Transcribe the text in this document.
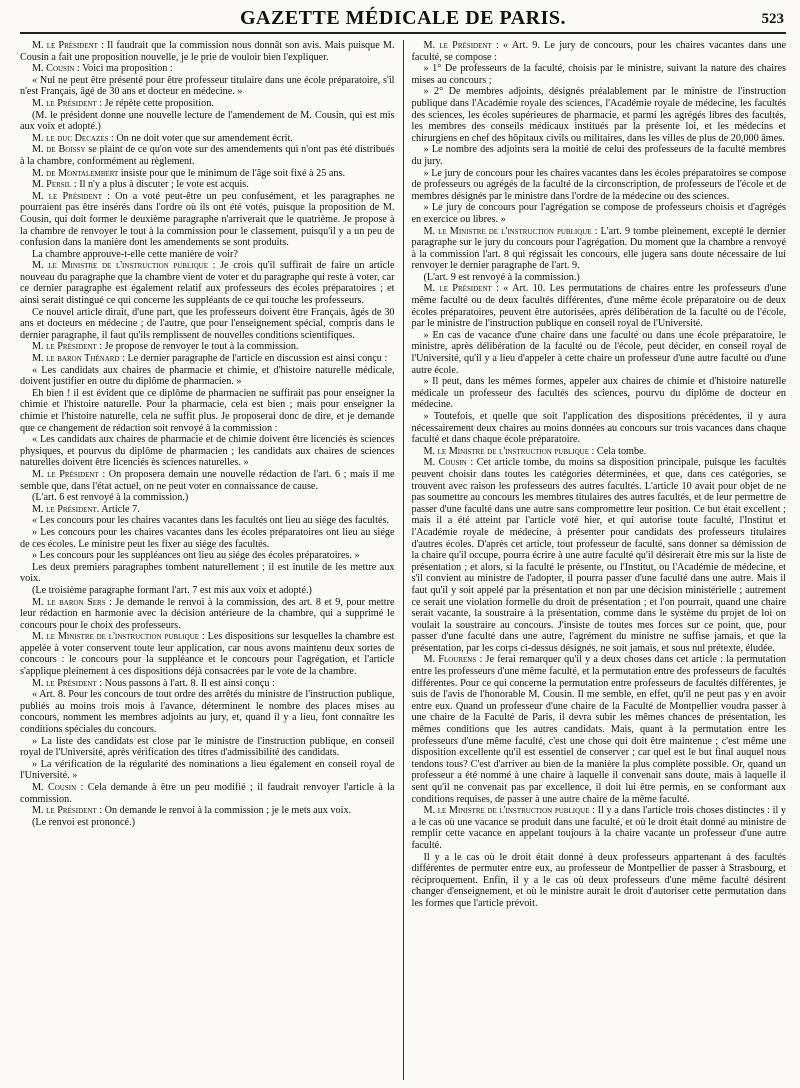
GAZETTE MÉDICALE DE PARIS.	523

M. le Président : Il faudrait que la commission nous donnât son avis. Mais puisque M. Cousin a fait une proposition nouvelle, je le prie de vouloir bien l'expliquer.

M. Cousin : Voici ma proposition :

« Nul ne peut être présenté pour être professeur titulaire dans une école préparatoire, s'il n'est Français, âgé de 30 ans et docteur en médecine. »

M. le Président : Je répète cette proposition.

(M. le président donne une nouvelle lecture de l'amendement de M. Cousin, qui est mis aux voix et adopté.)

M. le duc Decazes : On ne doit voter que sur amendement écrit.

M. de Boissy se plaint de ce qu'on vote sur des amendements qui n'ont pas été distribués à la chambre, conformément au règlement.

M. de Montalembert insiste pour que le minimum de l'âge soit fixé à 25 ans.

M. Persil : Il n'y a plus à discuter ; le vote est acquis.

M. le Président : On a voté peut-être un peu confusément, et les paragraphes ne pourraient pas être insérés dans l'ordre où ils ont été votés, puisque la proposition de M. Cousin, qui doit former le deuxième paragraphe n'arriverait que le quatrième. Je propose à la chambre de renvoyer le tout à la commission pour le classement, puisqu'il y a un peu de confusion dans la manière dont les amendements se sont produits.

La chambre approuve-t-elle cette manière de voir?

M. le Ministre de l'instruction publique : Je crois qu'il suffirait de faire un article nouveau du paragraphe que la chambre vient de voter et du paragraphe qui reste à voter, car ce dernier paragraphe est également relatif aux professeurs des écoles préparatoires ; et ainsi serait distingué ce qui concerne les suppléants de ce qui touche les professeurs.

Ce nouvel article dirait, d'une part, que les professeurs doivent être Français, âgés de 30 ans et docteurs en médecine ; de l'autre, que pour l'enseignement spécial, compris dans le dernier paragraphe, il faut qu'ils remplissent de nouvelles conditions scientifiques.

M. le Président : Je propose de renvoyer le tout à la commission.

M. le baron Thénard : Le dernier paragraphe de l'article en discussion est ainsi conçu :

« Les candidats aux chaires de pharmacie et chimie, et d'histoire naturelle médicale, doivent justifier en outre du diplôme de pharmacien. »

Eh bien ! il est évident que ce diplôme de pharmacien ne suffirait pas pour enseigner la chimie et l'histoire naturelle. Pour la pharmacie, cela est bien ; mais pour enseigner la chimie et l'histoire naturelle, cela ne suffit plus. Je proposerai donc de dire, et je demande que ce changement de rédaction soit renvoyé à la commission :

« Les candidats aux chaires de pharmacie et de chimie doivent être licenciés ès sciences physiques, et pourvus du diplôme de pharmacien ; les candidats aux chaires de sciences naturelles doivent être licenciés ès sciences naturelles. »

M. le Président : On proposera demain une nouvelle rédaction de l'art. 6 ; mais il me semble que, dans l'état actuel, on ne peut voter en connaissance de cause.

(L'art. 6 est renvoyé à la commission.)

M. le Président. Article 7.

« Les concours pour les chaires vacantes dans les facultés ont lieu au siége des facultés.

» Les concours pour les chaires vacantes dans les écoles préparatoires ont lieu au siége de ces écoles. Le ministre peut les fixer au siége des facultés.

» Les concours pour les suppléances ont lieu au siége des écoles préparatoires. »

Les deux premiers paragraphes tombent naturellement ; il est inutile de les mettre aux voix.

(Le troisième paragraphe formant l'art. 7 est mis aux voix et adopté.)

M. le baron Sers : Je demande le renvoi à la commission, des art. 8 et 9, pour mettre leur rédaction en harmonie avec la décision antérieure de la chambre, qui a supprimé le concours pour le choix des professeurs.

M. le Ministre de l'instruction publique : Les dispositions sur lesquelles la chambre est appelée à voter conservent toute leur application, car nous avons maintenu deux sortes de concours : le concours pour la suppléance et le concours pour l'agrégation, et l'article s'applique pleinement à ces dispositions déjà consacrées par le vote de la chambre.

M. le Président : Nous passons à l'art. 8. Il est ainsi conçu :

« Art. 8. Pour les concours de tout ordre des arrêtés du ministre de l'instruction publique, publiés au moins trois mois à l'avance, déterminent le nombre des places mises au concours, nomment les membres adjoints au jury, et, quand il y a lieu, font connaître les conditions spéciales du concours.

» La liste des candidats est close par le ministre de l'instruction publique, en conseil royal de l'Université, après vérification des titres d'admissibilité des candidats.

» La vérification de la régularité des nominations a lieu également en conseil royal de l'Université. »

M. Cousin : Cela demande à être un peu modifié ; il faudrait renvoyer l'article à la commission.

M. le Président : On demande le renvoi à la commission ; je le mets aux voix.

(Le renvoi est prononcé.)

M. le Président : « Art. 9. Le jury de concours, pour les chaires vacantes dans une faculté, se compose :

» 1° De professeurs de la faculté, choisis par le ministre, suivant la nature des chaires mises au concours ;

» 2° De membres adjoints, désignés préalablement par le ministre de l'instruction publique dans l'Académie royale des sciences, l'Académie royale de médecine, les facultés des sciences, les écoles supérieures de pharmacie, et parmi les agrégés libres des facultés, les membres des conseils médicaux institués par la présente loi, et les médecins et chirurgiens en chef des hôpitaux civils ou militaires, dans les villes de plus de 20,000 âmes.

» Le nombre des adjoints sera la moitié de celui des professeurs de la faculté membres du jury.

» Le jury de concours pour les chaires vacantes dans les écoles préparatoires se compose de professeurs ou agrégés de la faculté de la circonscription, de professeurs de l'école et de membres désignés par le ministre dans l'ordre de la médecine ou des sciences.

» Le jury de concours pour l'agrégation se compose de professeurs choisis et d'agrégés en exercice ou libres. »

M. le Ministre de l'instruction publique : L'art. 9 tombe pleinement, excepté le dernier paragraphe sur le jury du concours pour l'agrégation. Du moment que la chambre a renvoyé à la commission l'art. 8 qui régissait les concours, elle jugera sans doute nécessaire de lui renvoyer le dernier paragraphe de l'art. 9.

(L'art. 9 est renvoyé à la commission.)

M. le Président : « Art. 10. Les permutations de chaires entre les professeurs d'une même faculté ou de deux facultés différentes, d'une même école préparatoire ou de deux écoles préparatoires, peuvent être autorisées, après délibération de la faculté ou de l'école, par le ministre de l'instruction publique en conseil royal de l'Université.

» En cas de vacance d'une chaire dans une faculté ou dans une école préparatoire, le ministre, après délibération de la faculté ou de l'école, peut décider, en conseil royal de l'Université, qu'il y a lieu d'appeler à cette chaire un professeur d'une autre faculté ou d'une autre école.

» Il peut, dans les mêmes formes, appeler aux chaires de chimie et d'histoire naturelle médicale un professeur des facultés des sciences, pourvu du diplôme de docteur en médecine.

» Toutefois, et quelle que soit l'application des dispositions précédentes, il y aura nécessairement deux chaires au moins données au concours sur trois vacances dans chaque faculté et dans chaque école préparatoire.

M. le Ministre de l'instruction publique : Cela tombe.

M. Cousin : Cet article tombe, du moins sa disposition principale, puisque les facultés peuvent choisir dans toutes les catégories déterminées, et que, dans ces catégories, se trouvent avec raison les professeurs des autres facultés. L'article 10 avait pour objet de ne pas soumettre au concours les membres titulaires des autres facultés, et de leur permettre de passer d'une faculté dans une autre sans compromettre leur position. Ce but était excellent ; mais il a été atteint par l'article voté hier, et qui autorise toute faculté, l'Institut et l'Académie royale de médecine, à présenter pour candidats des professeurs titulaires d'autres écoles. D'après cet article, tout professeur de faculté, sans donner sa démission de la chaire qu'il occupe, pourra écrire à une autre faculté qu'il désirerait être mis sur la liste de présentation ; et alors, si la faculté le présente, ou l'Institut, ou l'Académie de médecine, et s'il convient au ministre de l'adopter, il pourra passer d'une faculté dans une autre. Mais il faut qu'il y soit appelé par la présentation et non par une décision ministérielle ; autrement ce serait une violation formelle du droit de présentation ; et l'on pourrait, quand une chaire serait vacante, la soustraire à la présentation, comme dans le système du projet de loi on voulait la soustraire au concours. J'insiste de toutes mes forces sur ce point, que, pour passer d'une faculté dans une autre, l'agrément du ministre ne suffise jamais, et que la présentation, par les corps ci-dessus désignés, ne soit jamais, et sous nul prétexte, éludée.

M. Flourens : Je ferai remarquer qu'il y a deux choses dans cet article : la permutation entre les professeurs d'une même faculté, et la permutation entre des professeurs de facultés différentes. Pour ce qui concerne la permutation entre professeurs de facultés différentes, je suis de l'avis de l'honorable M. Cousin. Il me semble, en effet, qu'il ne peut pas y en avoir entre eux. Quand un professeur d'une chaire de la Faculté de Montpellier voudra passer à une chaire de la Faculté de Paris, il devra subir les mêmes chances de présentation, les mêmes conditions que les autres candidats. Mais, quant à la permutation entre les professeurs d'une même faculté, c'est une chose qui doit être maintenue ; c'est même une disposition excellente qu'il est essentiel de conserver ; car quel est le but final auquel nous tendons tous? C'est d'arriver au bien de la manière la plus complète possible. Or, quand un professeur a été nommé à une chaire à laquelle il convenait sans doute, mais à laquelle il sent qu'il ne convenait pas par excellence, il doit lui être permis, en se conformant aux conditions requises, de passer à une autre chaire de la même faculté.

M. le Ministre de l'instruction publique : Il y a dans l'article trois choses distinctes : il y a le cas où une vacance se produit dans une faculté, et où le droit était donné au ministre de remplir cette vacance en appelant toujours à la chaire vacante un professeur d'une autre faculté.

Il y a le cas où le droit était donné à deux professeurs appartenant à des facultés différentes de permuter entre eux, au professeur de Montpellier de passer à Strasbourg, et réciproquement. Enfin, il y a le cas où deux professeurs d'une même faculté désirent changer d'enseignement, et où le ministre aurait le droit d'autoriser cette permutation dans les formes que l'article prévoit.
